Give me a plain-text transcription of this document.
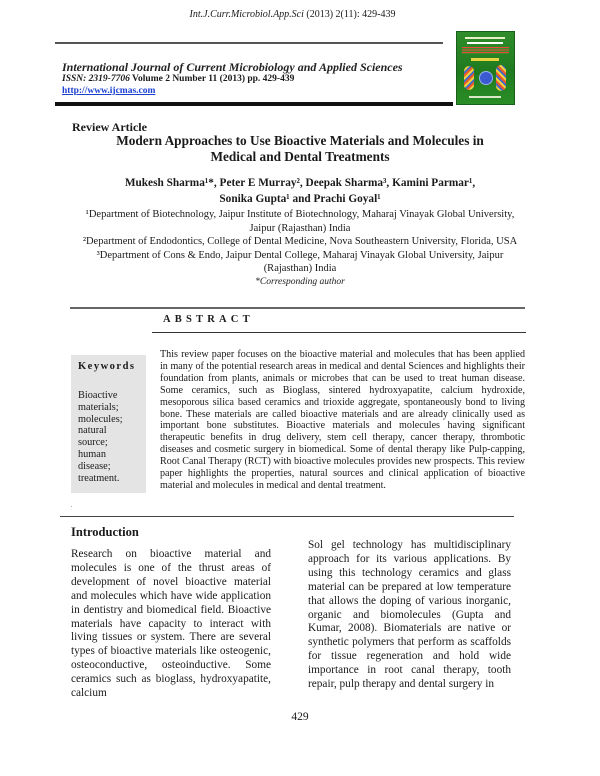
Int.J.Curr.Microbiol.App.Sci (2013) 2(11): 429-439
International Journal of Current Microbiology and Applied Sciences
ISSN: 2319-7706 Volume 2 Number 11 (2013) pp. 429-439
http://www.ijcmas.com
Review Article
Modern Approaches to Use Bioactive Materials and Molecules in Medical and Dental Treatments
Mukesh Sharma¹*, Peter E Murray², Deepak Sharma³, Kamini Parmar¹,
Sonika Gupta¹ and Prachi Goyal¹
¹Department of Biotechnology, Jaipur Institute of Biotechnology, Maharaj Vinayak Global University, Jaipur (Rajasthan) India
²Department of Endodontics, College of Dental Medicine, Nova Southeastern University, Florida, USA
³Department of Cons & Endo, Jaipur Dental College, Maharaj Vinayak Global University, Jaipur (Rajasthan) India
*Corresponding author
ABSTRACT
Keywords
Bioactive
materials;
molecules;
natural
source;
human
disease;
treatment.
This review paper focuses on the bioactive material and molecules that has been applied in many of the potential research areas in medical and dental Sciences and highlights their foundation from plants, animals or microbes that can be used to treat human disease. Some ceramics, such as Bioglass, sintered hydroxyapatite, calcium hydroxide, mesoporous silica based ceramics and trioxide aggregate, spontaneously bond to living bone. These materials are called bioactive materials and are already clinically used as important bone substitutes. Bioactive materials and molecules having significant therapeutic benefits in drug delivery, stem cell therapy, cancer therapy, thrombotic diseases and cosmetic surgery in biomedical. Some of dental therapy like Pulp-capping, Root Canal Therapy (RCT) with bioactive molecules provides new prospects. This review paper highlights the properties, natural sources and clinical application of bioactive material and molecules in medical and dental treatment.
Introduction
Research on bioactive material and molecules is one of the thrust areas of development of novel bioactive material and molecules which have wide application in dentistry and biomedical field. Bioactive materials have capacity to interact with living tissues or system. There are several types of bioactive materials like osteogenic, osteoconductive, osteoinductive. Some ceramics such as bioglass, hydroxyapatite, calcium
Sol gel technology has multidisciplinary approach for its various applications. By using this technology ceramics and glass material can be prepared at low temperature that allows the doping of various inorganic, organic and biomolecules (Gupta and Kumar, 2008). Biomaterials are native or synthetic polymers that perform as scaffolds for tissue regeneration and hold wide importance in root canal therapy, tooth repair, pulp therapy and dental surgery in
429
